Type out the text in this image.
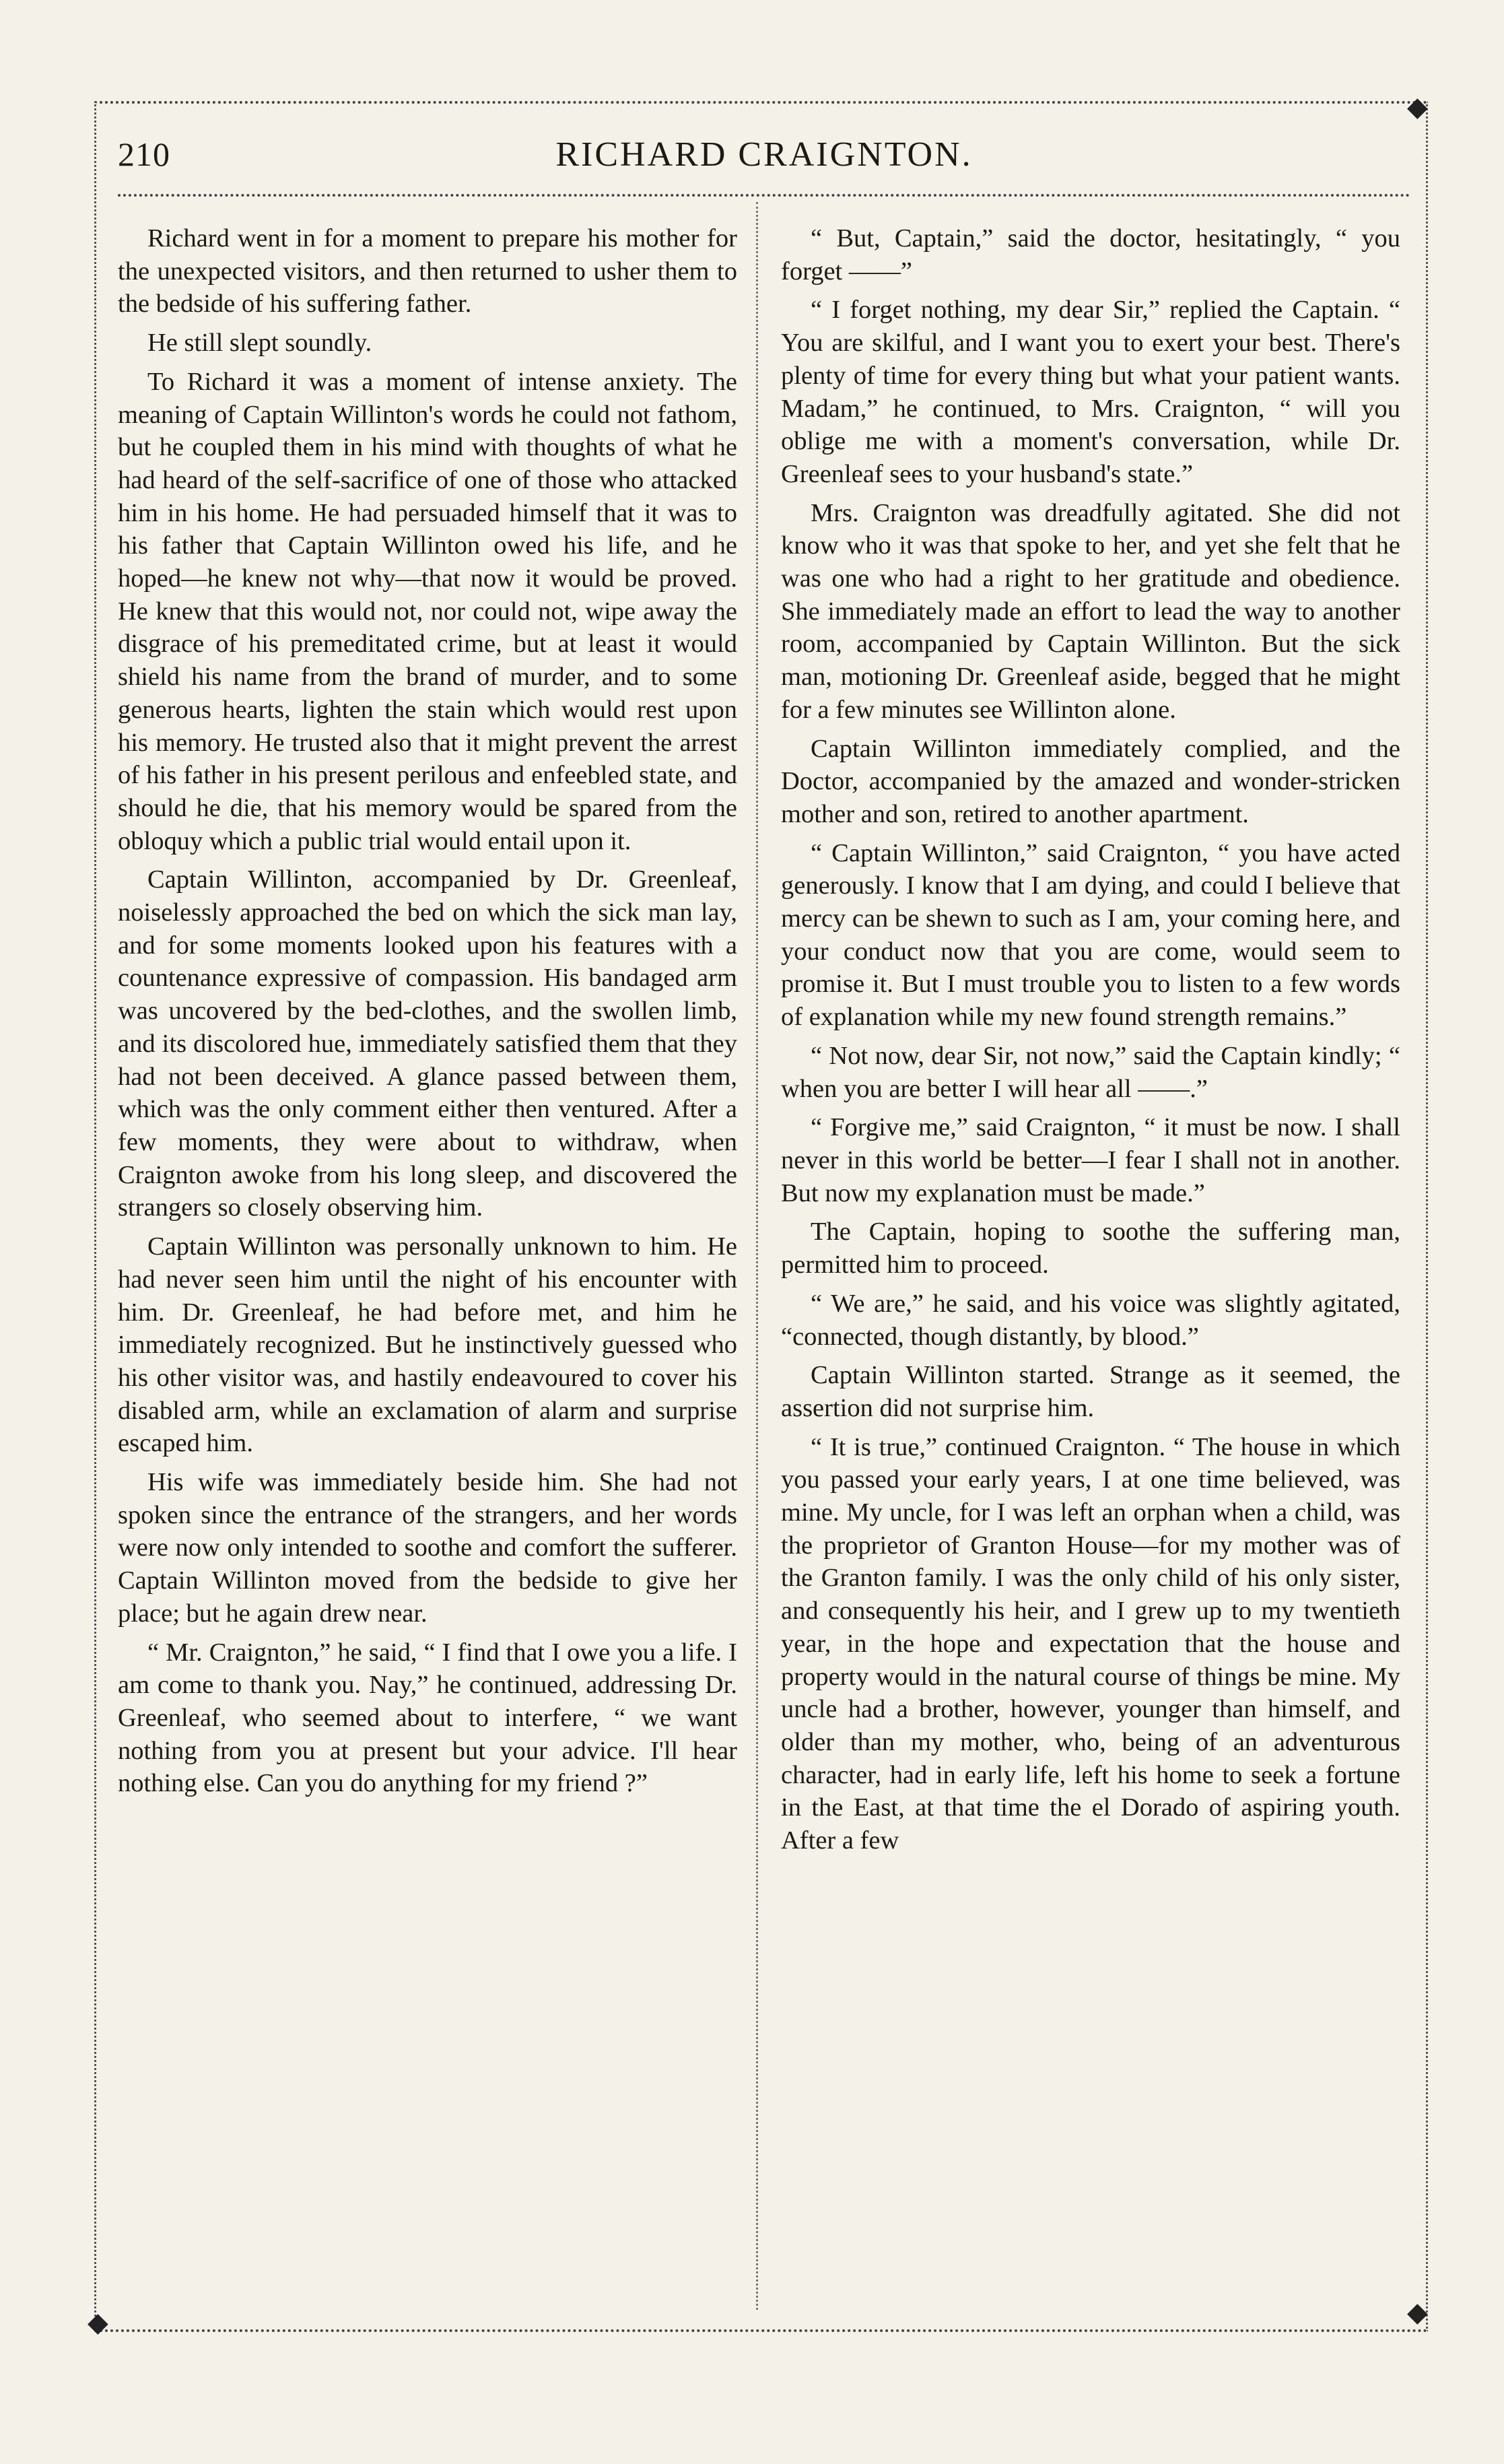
210	RICHARD CRAIGNTON.

Richard went in for a moment to prepare his mother for the unexpected visitors, and then returned to usher them to the bedside of his suffering father.

He still slept soundly.

To Richard it was a moment of intense anxiety. The meaning of Captain Willinton's words he could not fathom, but he coupled them in his mind with thoughts of what he had heard of the self-sacrifice of one of those who attacked him in his home. He had persuaded himself that it was to his father that Captain Willinton owed his life, and he hoped—he knew not why—that now it would be proved. He knew that this would not, nor could not, wipe away the disgrace of his premeditated crime, but at least it would shield his name from the brand of murder, and to some generous hearts, lighten the stain which would rest upon his memory. He trusted also that it might prevent the arrest of his father in his present perilous and enfeebled state, and should he die, that his memory would be spared from the obloquy which a public trial would entail upon it.

Captain Willinton, accompanied by Dr. Greenleaf, noiselessly approached the bed on which the sick man lay, and for some moments looked upon his features with a countenance expressive of compassion. His bandaged arm was uncovered by the bed-clothes, and the swollen limb, and its discolored hue, immediately satisfied them that they had not been deceived. A glance passed between them, which was the only comment either then ventured. After a few moments, they were about to withdraw, when Craignton awoke from his long sleep, and discovered the strangers so closely observing him.

Captain Willinton was personally unknown to him. He had never seen him until the night of his encounter with him. Dr. Greenleaf, he had before met, and him he immediately recognized. But he instinctively guessed who his other visitor was, and hastily endeavoured to cover his disabled arm, while an exclamation of alarm and surprise escaped him.

His wife was immediately beside him. She had not spoken since the entrance of the strangers, and her words were now only intended to soothe and comfort the sufferer. Captain Willinton moved from the bedside to give her place; but he again drew near.

“ Mr. Craignton,” he said, “ I find that I owe you a life. I am come to thank you. Nay,” he continued, addressing Dr. Greenleaf, who seemed about to interfere, “ we want nothing from you at present but your advice. I'll hear nothing else. Can you do anything for my friend ?”

“ But, Captain,” said the doctor, hesitatingly, “ you forget ——”

“ I forget nothing, my dear Sir,” replied the Captain. “ You are skilful, and I want you to exert your best. There's plenty of time for every thing but what your patient wants. Madam,” he continued, to Mrs. Craignton, “ will you oblige me with a moment's conversation, while Dr. Greenleaf sees to your husband's state.”

Mrs. Craignton was dreadfully agitated. She did not know who it was that spoke to her, and yet she felt that he was one who had a right to her gratitude and obedience. She immediately made an effort to lead the way to another room, accompanied by Captain Willinton. But the sick man, motioning Dr. Greenleaf aside, begged that he might for a few minutes see Willinton alone.

Captain Willinton immediately complied, and the Doctor, accompanied by the amazed and wonder-stricken mother and son, retired to another apartment.

“ Captain Willinton,” said Craignton, “ you have acted generously. I know that I am dying, and could I believe that mercy can be shewn to such as I am, your coming here, and your conduct now that you are come, would seem to promise it. But I must trouble you to listen to a few words of explanation while my new found strength remains.”

“ Not now, dear Sir, not now,” said the Captain kindly; “ when you are better I will hear all ——.”

“ Forgive me,” said Craignton, “ it must be now. I shall never in this world be better—I fear I shall not in another. But now my explanation must be made.”

The Captain, hoping to soothe the suffering man, permitted him to proceed.

“ We are,” he said, and his voice was slightly agitated, “connected, though distantly, by blood.”

Captain Willinton started. Strange as it seemed, the assertion did not surprise him.

“ It is true,” continued Craignton. “ The house in which you passed your early years, I at one time believed, was mine. My uncle, for I was left an orphan when a child, was the proprietor of Granton House—for my mother was of the Granton family. I was the only child of his only sister, and consequently his heir, and I grew up to my twentieth year, in the hope and expectation that the house and property would in the natural course of things be mine. My uncle had a brother, however, younger than himself, and older than my mother, who, being of an adventurous character, had in early life, left his home to seek a fortune in the East, at that time the el Dorado of aspiring youth. After a few

◆
◆	◆
